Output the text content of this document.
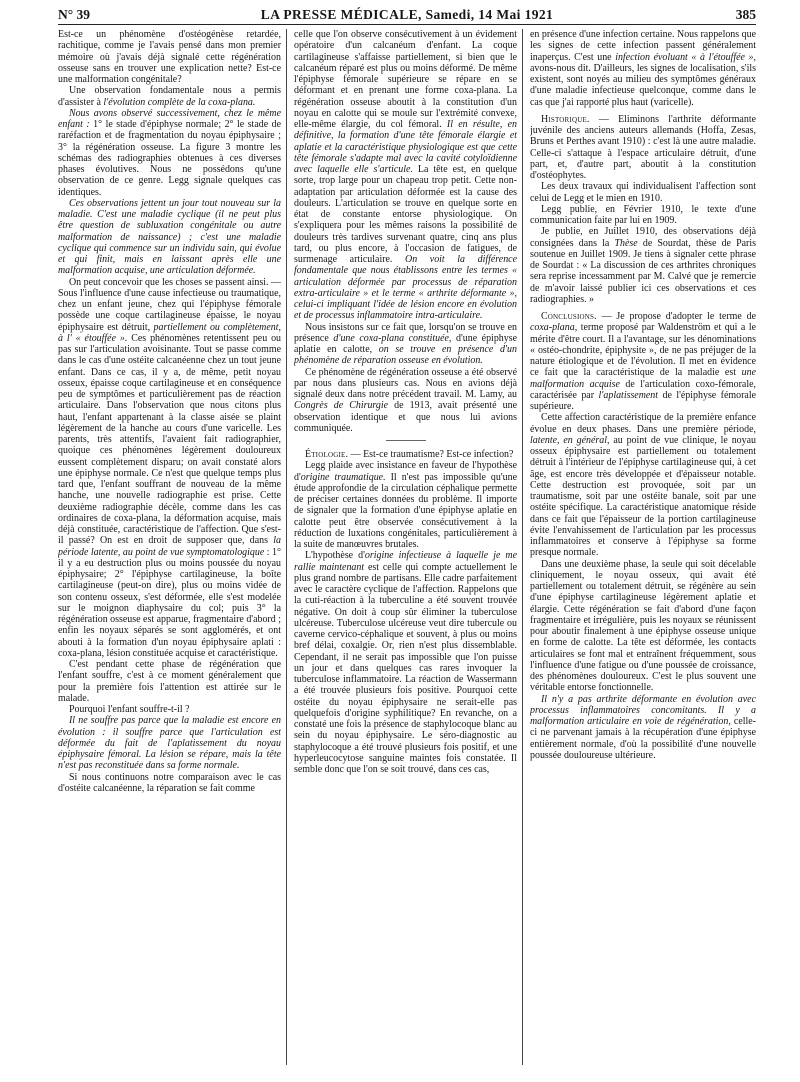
N° 39	LA PRESSE MÉDICALE, Samedi, 14 Mai 1921	385

Est-ce un phénomène d'ostéogénèse retardée, rachitique, comme je l'avais pensé dans mon premier mémoire où j'avais déjà signalé cette régénération osseuse sans en trouver une explication nette? Est-ce une malformation congénitale?

Une observation fondamentale nous a permis d'assister à l'évolution complète de la coxa-plana.

Nous avons observé successivement, chez le même enfant : 1° le stade d'épiphyse normale; 2° le stade de raréfaction et de fragmentation du noyau épiphysaire ; 3° la régénération osseuse. La figure 3 montre les schémas des radiographies obtenues à ces diverses phases évolutives. Nous ne possédons qu'une observation de ce genre. Legg signale quelques cas identiques.

Ces observations jettent un jour tout nouveau sur la maladie. C'est une maladie cyclique (il ne peut plus être question de subluxation congénitale ou autre malformation de naissance) ; c'est une maladie cyclique qui commence sur un individu sain, qui évolue et qui finit, mais en laissant après elle une malformation acquise, une articulation déformée.

On peut concevoir que les choses se passent ainsi. — Sous l'influence d'une cause infectieuse ou traumatique, chez un enfant jeune, chez qui l'épiphyse fémorale possède une coque cartilagineuse épaisse, le noyau épiphysaire est détruit, partiellement ou complètement, à l' « étouffée ». Ces phénomènes retentissent peu ou pas sur l'articulation avoisinante. Tout se passe comme dans le cas d'une ostéite calcanéenne chez un tout jeune enfant. Dans ce cas, il y a, de même, petit noyau osseux, épaisse coque cartilagineuse et en conséquence peu de symptômes et particulièrement pas de réaction articulaire. Dans l'observation que nous citons plus haut, l'enfant appartenant à la classe aisée se plaint légèrement de la hanche au cours d'une varicelle. Les parents, très attentifs, l'avaient fait radiographier, quoique ces phénomènes légèrement douloureux eussent complètement disparu; on avait constaté alors une épiphyse normale. Ce n'est que quelque temps plus tard que, l'enfant souffrant de nouveau de la même hanche, une nouvelle radiographie est prise. Cette deuxième radiographie décèle, comme dans les cas ordinaires de coxa-plana, la déformation acquise, mais déjà constituée, caractéristique de l'affection. Que s'est-il passé? On est en droit de supposer que, dans la période latente, au point de vue symptomatologique : 1° il y a eu destruction plus ou moins poussée du noyau épiphysaire; 2° l'épiphyse cartilagineuse, la boîte cartilagineuse (peut-on dire), plus ou moins vidée de son contenu osseux, s'est déformée, elle s'est modelée sur le moignon diaphysaire du col; puis 3° la régénération osseuse est apparue, fragmentaire d'abord ; enfin les noyaux séparés se sont agglomérés, et ont abouti à la formation d'un noyau épiphysaire aplati : coxa-plana, lésion constituée acquise et caractéristique.

C'est pendant cette phase de régénération que l'enfant souffre, c'est à ce moment généralement que pour la première fois l'attention est attirée sur le malade.

Pourquoi l'enfant souffre-t-il ?

Il ne souffre pas parce que la maladie est encore en évolution : il souffre parce que l'articulation est déformée du fait de l'aplatissement du noyau épiphysaire fémoral. La lésion se répare, mais la tête n'est pas reconstituée dans sa forme normale.

Si nous continuons notre comparaison avec le cas d'ostéite calcanéenne, la réparation se fait comme

celle que l'on observe consécutivement à un évidement opératoire d'un calcanéum d'enfant. La coque cartilagineuse s'affaisse partiellement, si bien que le calcanéum réparé est plus ou moins déformé. De même l'épiphyse fémorale supérieure se répare en se déformant et en prenant une forme coxa-plana. La régénération osseuse aboutit à la constitution d'un noyau en calotte qui se moule sur l'extrémité convexe, elle-même élargie, du col fémoral. Il en résulte, en définitive, la formation d'une tête fémorale élargie et aplatie et la caractéristique physiologique est que cette tête fémorale s'adapte mal avec la cavité cotyloïdienne avec laquelle elle s'articule. La tête est, en quelque sorte, trop large pour un chapeau trop petit. Cette non-adaptation par articulation déformée est la cause des douleurs. L'articulation se trouve en quelque sorte en état de constante entorse physiologique. On s'expliquera pour les mêmes raisons la possibilité de douleurs très tardives survenant quatre, cinq ans plus tard, ou plus encore, à l'occasion de fatigues, de surmenage articulaire. On voit la différence fondamentale que nous établissons entre les termes « articulation déformée par processus de réparation extra-articulaire » et le terme « arthrite déformante », celui-ci impliquant l'idée de lésion encore en évolution et de processus inflammatoire intra-articulaire.

Nous insistons sur ce fait que, lorsqu'on se trouve en présence d'une coxa-plana constituée, d'une épiphyse aplatie en calotte, on se trouve en présence d'un phénomène de réparation osseuse en évolution.

Ce phénomène de régénération osseuse a été observé par nous dans plusieurs cas. Nous en avions déjà signalé deux dans notre précédent travail. M. Lamy, au Congrès de Chirurgie de 1913, avait présenté une observation identique et que nous lui avions communiquée.

Étiologie. — Est-ce traumatisme? Est-ce infection?

Legg plaide avec insistance en faveur de l'hypothèse d'origine traumatique. Il n'est pas impossible qu'une étude approfondie de la circulation céphalique permette de préciser certaines données du problème. Il importe de signaler que la formation d'une épiphyse aplatie en calotte peut être observée consécutivement à la réduction de luxations congénitales, particulièrement à la suite de manœuvres brutales.

L'hypothèse d'origine infectieuse à laquelle je me rallie maintenant est celle qui compte actuellement le plus grand nombre de partisans. Elle cadre parfaitement avec le caractère cyclique de l'affection. Rappelons que la cuti-réaction à la tuberculine a été souvent trouvée négative. On doit à coup sûr éliminer la tuberculose ulcéreuse. Tuberculose ulcéreuse veut dire tubercule ou caverne cervico-céphalique et souvent, à plus ou moins bref délai, coxalgie. Or, rien n'est plus dissemblable. Cependant, il ne serait pas impossible que l'on puisse un jour et dans quelques cas rares invoquer la tuberculose inflammatoire. La réaction de Wassermann a été trouvée plusieurs fois positive. Pourquoi cette ostéite du noyau épiphysaire ne serait-elle pas quelquefois d'origine syphilitique? En revanche, on a constaté une fois la présence de staphylocoque blanc au sein du noyau épiphysaire. Le séro-diagnostic au staphylocoque a été trouvé plusieurs fois positif, et une hyperleucocytose sanguine maintes fois constatée. Il semble donc que l'on se soit trouvé, dans ces cas,

en présence d'une infection certaine. Nous rappelons que les signes de cette infection passent généralement inaperçus. C'est une infection évoluant « à l'étouffée », avons-nous dit. D'ailleurs, les signes de localisation, s'ils existent, sont noyés au milieu des symptômes généraux d'une maladie infectieuse quelconque, comme dans le cas que j'ai rapporté plus haut (varicelle).

Historique. — Eliminons l'arthrite déformante juvénile des anciens auteurs allemands (Hoffa, Zesas, Bruns et Perthes avant 1910) : c'est là une autre maladie. Celle-ci s'attaque à l'espace articulaire détruit, d'une part, et, d'autre part, aboutit à la constitution d'ostéophytes.

Les deux travaux qui individualisent l'affection sont celui de Legg et le mien en 1910.

Legg publie, en Février 1910, le texte d'une communication faite par lui en 1909.

Je publie, en Juillet 1910, des observations déjà consignées dans la Thèse de Sourdat, thèse de Paris soutenue en Juillet 1909. Je tiens à signaler cette phrase de Sourdat : « La discussion de ces arthrites chroniques sera reprise incessamment par M. Calvé que je remercie de m'avoir laissé publier ici ces observations et ces radiographies. »

Conclusions. — Je propose d'adopter le terme de coxa-plana, terme proposé par Waldenström et qui a le mérite d'être court. Il a l'avantage, sur les dénominations « ostéo-chondrite, épiphysite », de ne pas préjuger de la nature étiologique et de l'évolution. Il met en évidence ce fait que la caractéristique de la maladie est une malformation acquise de l'articulation coxo-fémorale, caractérisée par l'aplatissement de l'épiphyse fémorale supérieure.

Cette affection caractéristique de la première enfance évolue en deux phases. Dans une première période, latente, en général, au point de vue clinique, le noyau osseux épiphysaire est partiellement ou totalement détruit à l'intérieur de l'épiphyse cartilagineuse qui, à cet âge, est encore très développée et d'épaisseur notable. Cette destruction est provoquée, soit par un traumatisme, soit par une ostéite banale, soit par une ostéite spécifique. La caractéristique anatomique réside dans ce fait que l'épaisseur de la portion cartilagineuse évite l'envahissement de l'articulation par les processus inflammatoires et conserve à l'épiphyse sa forme presque normale.

Dans une deuxième phase, la seule qui soit décelable cliniquement, le noyau osseux, qui avait été partiellement ou totalement détruit, se régénère au sein d'une épiphyse cartilagineuse légèrement aplatie et élargie. Cette régénération se fait d'abord d'une façon fragmentaire et irrégulière, puis les noyaux se réunissent pour aboutir finalement à une épiphyse osseuse unique en forme de calotte. La tête est déformée, les contacts articulaires se font mal et entraînent fréquemment, sous l'influence d'une fatigue ou d'une poussée de croissance, des phénomènes douloureux. C'est le plus souvent une véritable entorse fonctionnelle.

Il n'y a pas arthrite déformante en évolution avec processus inflammatoires concomitants. Il y a malformation articulaire en voie de régénération, celle-ci ne parvenant jamais à la récupération d'une épiphyse entièrement normale, d'où la possibilité d'une nouvelle poussée douloureuse ultérieure.
